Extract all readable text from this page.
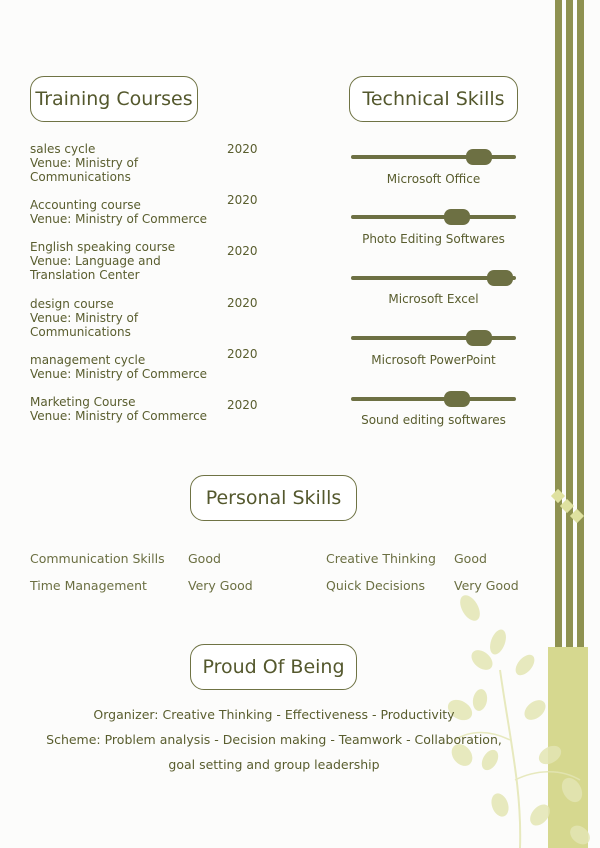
Training Courses
sales cycle
Venue: Ministry of Communications
2020
Accounting course
Venue: Ministry of Commerce
2020
English speaking course
Venue: Language and Translation Center
2020
design course
Venue: Ministry of Communications
2020
management cycle
Venue: Ministry of Commerce
2020
Marketing Course
Venue: Ministry of Commerce
2020
Technical Skills
Microsoft Office
Photo Editing Softwares
Microsoft Excel
Microsoft PowerPoint
Sound editing softwares
Personal Skills
Communication Skills Good	Creative Thinking Good
Time Management	Very Good	Quick Decisions Very Good
Proud Of Being
Organizer: Creative Thinking - Effectiveness - Productivity
Scheme: Problem analysis - Decision making - Teamwork - Collaboration,
goal setting and group leadership
